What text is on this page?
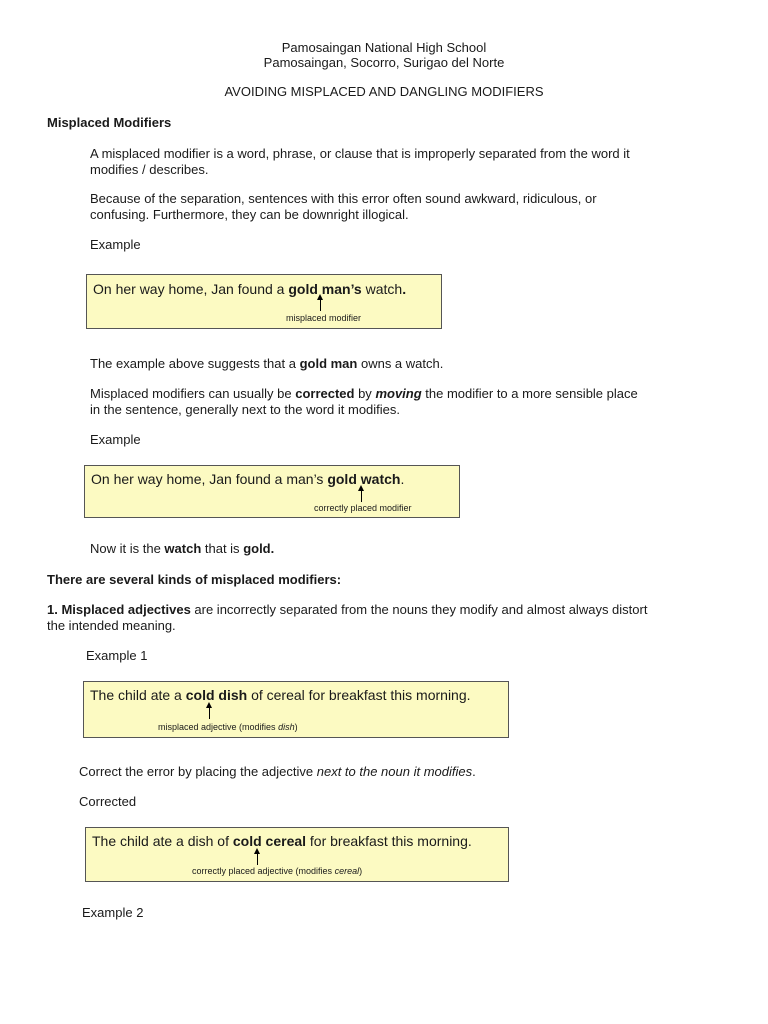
Pamosaingan National High School
Pamosaingan, Socorro, Surigao del Norte
AVOIDING MISPLACED AND DANGLING MODIFIERS
Misplaced Modifiers
A misplaced modifier is a word, phrase, or clause that is improperly separated from the word it
modifies / describes.
Because of the separation, sentences with this error often sound awkward, ridiculous, or
confusing. Furthermore, they can be downright illogical.
Example
On her way home, Jan found a gold man’s watch.
misplaced modifier
The example above suggests that a gold man owns a watch.
Misplaced modifiers can usually be corrected by moving the modifier to a more sensible place
in the sentence, generally next to the word it modifies.
Example
On her way home, Jan found a man’s gold watch.
correctly placed modifier
Now it is the watch that is gold.
There are several kinds of misplaced modifiers:
1. Misplaced adjectives are incorrectly separated from the nouns they modify and almost always distort
the intended meaning.
Example 1
The child ate a cold dish of cereal for breakfast this morning.
misplaced adjective (modifies dish)
Correct the error by placing the adjective next to the noun it modifies.
Corrected
The child ate a dish of cold cereal for breakfast this morning.
correctly placed adjective (modifies cereal)
Example 2
